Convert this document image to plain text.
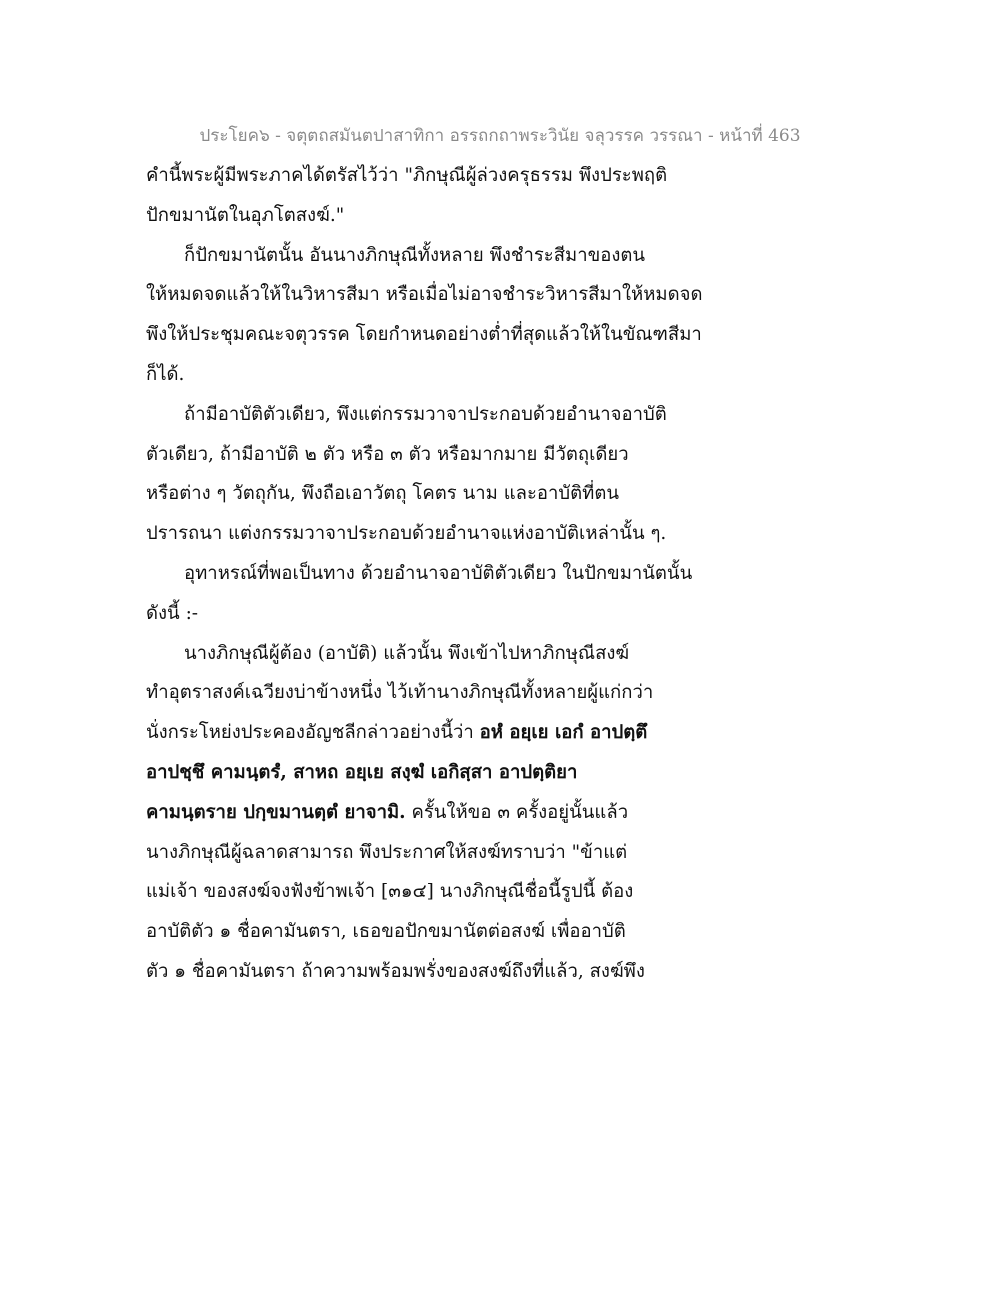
ประโยค๖ - จตุตถสมันตปาสาทิกา อรรถกถาพระวินัย จลุวรรค วรรณา - หน้าที่ 463
คำนี้พระผู้มีพระภาคได้ตรัสไว้ว่า "ภิกษุณีผู้ล่วงครุธรรม พึงประพฤติ
ปักขมานัตในอุภโตสงฆ์."
ก็ปักขมานัตนั้น อันนางภิกษุณีทั้งหลาย พึงชำระสีมาของตน
ให้หมดจดแล้วให้ในวิหารสีมา หรือเมื่อไม่อาจชำระวิหารสีมาให้หมดจด
พึงให้ประชุมคณะจตุวรรค โดยกำหนดอย่างต่ำที่สุดแล้วให้ในขัณฑสีมา
ก็ได้.
ถ้ามีอาบัติตัวเดียว, พึงแต่กรรมวาจาประกอบด้วยอำนาจอาบัติ
ตัวเดียว, ถ้ามีอาบัติ ๒ ตัว หรือ ๓ ตัว หรือมากมาย มีวัตถุเดียว
หรือต่าง ๆ วัตถุกัน, พึงถือเอาวัตถุ โคตร นาม และอาบัติที่ตน
ปรารถนา แต่งกรรมวาจาประกอบด้วยอำนาจแห่งอาบัติเหล่านั้น ๆ.
อุทาหรณ์ที่พอเป็นทาง ด้วยอำนาจอาบัติตัวเดียว ในปักขมานัตนั้น
ดังนี้ :-
นางภิกษุณีผู้ต้อง (อาบัติ) แล้วนั้น พึงเข้าไปหาภิกษุณีสงฆ์
ทำอุตราสงค์เฉวียงบ่าข้างหนึ่ง ไว้เท้านางภิกษุณีทั้งหลายผู้แก่กว่า
นั่งกระโหย่งประคองอัญชลีกล่าวอย่างนี้ว่า อหํ อยฺเย เอกํ อาปตฺตึ
อาปชฺชึ คามนฺตรํ, สาหถ อยฺเย สงฺฆํ เอกิสฺสา อาปตฺติยา
คามนฺตราย ปกฺขมานตฺตํ ยาจามิ. ครั้นให้ขอ ๓ ครั้งอยู่นั้นแล้ว
นางภิกษุณีผู้ฉลาดสามารถ พึงประกาศให้สงฆ์ทราบว่า "ข้าแต่
แม่เจ้า ของสงฆ์จงฟังข้าพเจ้า [๓๑๔] นางภิกษุณีชื่อนี้รูปนี้ ต้อง
อาบัติตัว ๑ ชื่อคามันตรา, เธอขอปักขมานัตต่อสงฆ์ เพื่ออาบัติ
ตัว ๑ ชื่อคามันตรา ถ้าความพร้อมพรั่งของสงฆ์ถึงที่แล้ว, สงฆ์พึง
